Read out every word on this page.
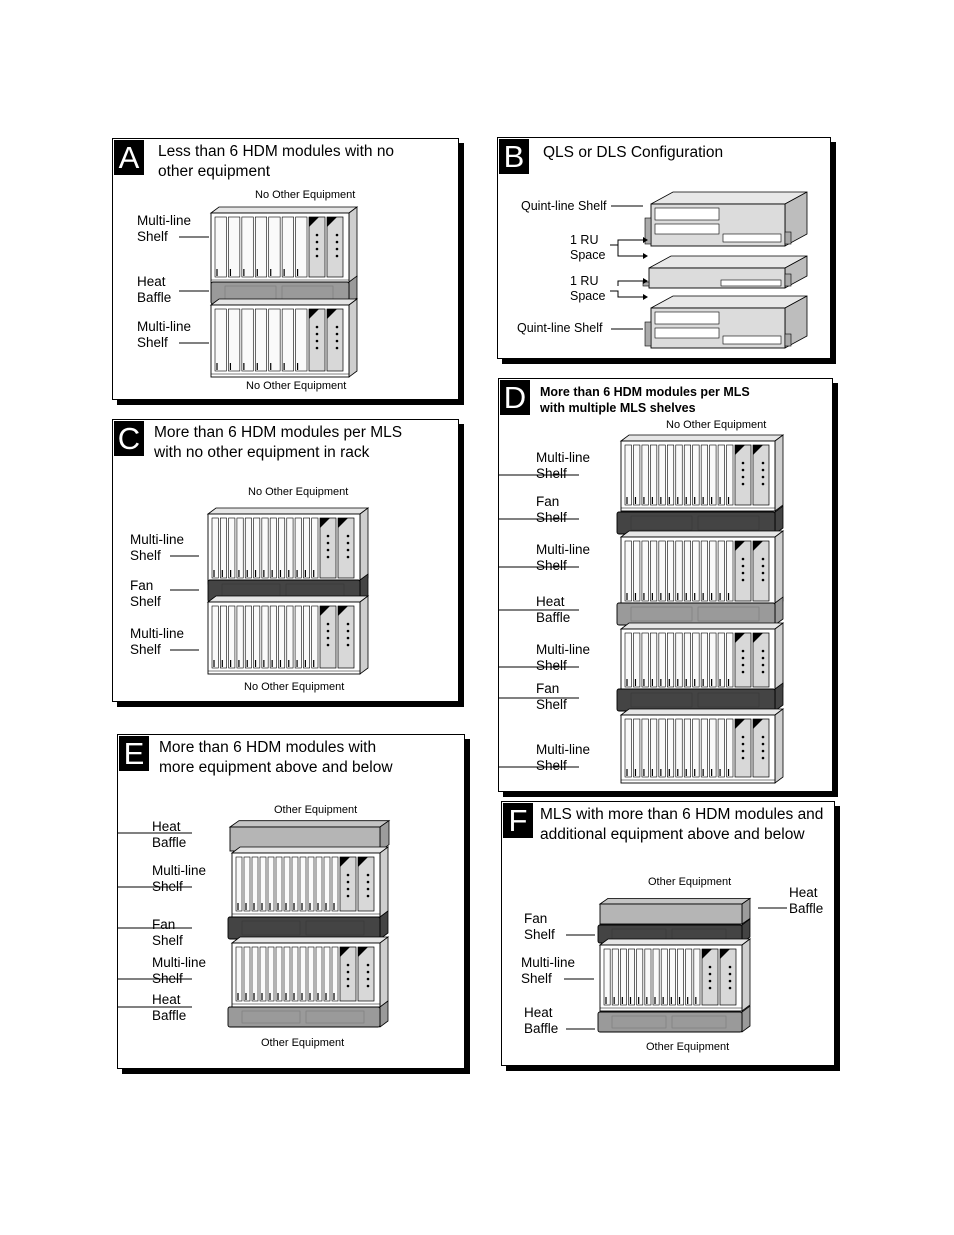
A	Less than 6 HDM modules with no
other equipment
No Other Equipment
No Other Equipment
Multi-line
Shelf
Heat
Baffle
Multi-line
Shelf
B	QLS or DLS Configuration
Quint-line Shelf
1 RU
Space
1 RU
Space
Quint-line Shelf
C More than 6 HDM modules per MLS
with no other equipment in rack
No Other Equipment
No Other Equipment
Multi-line
Shelf
Fan
Shelf
Multi-line
Shelf
D	More than 6 HDM modules per MLS
with multiple MLS shelves
No Other Equipment
Multi-line
Shelf
Fan
Shelf
Multi-line
Shelf
Heat
Baffle
Multi-line
Shelf
Fan
Shelf
Multi-line
Shelf
E More than 6 HDM modules with
more equipment above and below
Other Equipment
Other Equipment
Heat
Baffle
Multi-line
Shelf
Fan
Shelf
Multi-line
Shelf
Heat
Baffle
F MLS with more than 6 HDM modules and
additional equipment above and below
Other Equipment
Other Equipment
Heat
Baffle
Fan
Shelf
Multi-line
Shelf
Heat
Baffle
